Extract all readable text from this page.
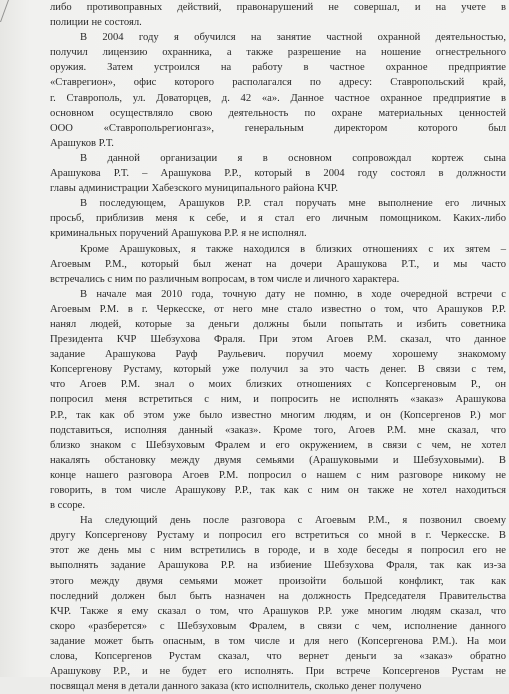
либо противоправных действий, правонарушений не совершал, и на учете в

полиции не состоял.

В 2004 году я обучился на занятие частной охранной деятельностью,

получил лицензию охранника, а также разрешение на ношение огнестрельного

оружия. Затем устроился на работу в частное охранное предприятие

«Ставрегион», офис которого располагался по адресу: Ставропольский край,

г. Ставрополь, ул. Доваторцев, д. 42 «а». Данное частное охранное предприятие в

основном осуществляло свою деятельность по охране материальных ценностей

ООО «Ставропольрегионгаз», генеральным директором которого был

Арашуков Р.Т.

В данной организации я в основном сопровождал кортеж сына

Арашукова Р.Т. – Арашукова Р.Р., который в 2004 году состоял в должности

главы администрации Хабезского муниципального района КЧР.

В последующем, Арашуков Р.Р. стал поручать мне выполнение его личных

просьб, приблизив меня к себе, и я стал его личным помощником. Каких-либо

криминальных поручений Арашукова Р.Р. я не исполнял.

Кроме Арашуковых, я также находился в близких отношениях с их зятем –

Агоевым Р.М., который был женат на дочери Арашукова Р.Т., и мы часто

встречались с ним по различным вопросам, в том числе и личного характера.

В начале мая 2010 года, точную дату не помню, в ходе очередной встречи с

Агоевым Р.М. в г. Черкесске, от него мне стало известно о том, что Арашуков Р.Р.

нанял людей, которые за деньги должны были попытать и избить советника

Президента КЧР Шебзухова Фраля. При этом Агоев Р.М. сказал, что данное

задание Арашукова Рауф Раульевич. поручил моему хорошему знакомому

Копсергенову Рустаму, который уже получил за это часть денег. В связи с тем,

что Агоев Р.М. знал о моих близких отношениях с Копсергеновым Р., он

попросил меня встретиться с ним, и попросить не исполнять «заказ» Арашукова

Р.Р., так как об этом уже было известно многим людям, и он (Копсергенов Р.) мог

подставиться, исполняя данный «заказ». Кроме того, Агоев Р.М. мне сказал, что

близко знаком с Шебзуховым Фралем и его окружением, в связи с чем, не хотел

накалять обстановку между двумя семьями (Арашуковыми и Шебзуховыми). В

конце нашего разговора Агоев Р.М. попросил о нашем с ним разговоре никому не

говорить, в том числе Арашукову Р.Р., так как с ним он также не хотел находиться

в ссоре.

На следующий день после разговора с Агоевым Р.М., я позвонил своему

другу Копсергенову Рустаму и попросил его встретиться со мной в г. Черкесске. В

этот же день мы с ним встретились в городе, и в ходе беседы я попросил его не

выполнять задание Арашукова Р.Р. на избиение Шебзухова Фраля, так как из-за

этого между двумя семьями может произойти большой конфликт, так как

последний должен был быть назначен на должность Председателя Правительства

КЧР. Также я ему сказал о том, что Арашуков Р.Р. уже многим людям сказал, что

скоро «разберется» с Шебзуховым Фралем, в связи с чем, исполнение данного

задание может быть опасным, в том числе и для него (Копсергенова Р.М.). На мои

слова, Копсергенов Рустам сказал, что вернет деньги за «заказ» обратно

Арашукову Р.Р., и не будет его исполнять. При встрече Копсергенов Рустам не

посвящал меня в детали данного заказа (кто исполнитель, сколько денег получено
